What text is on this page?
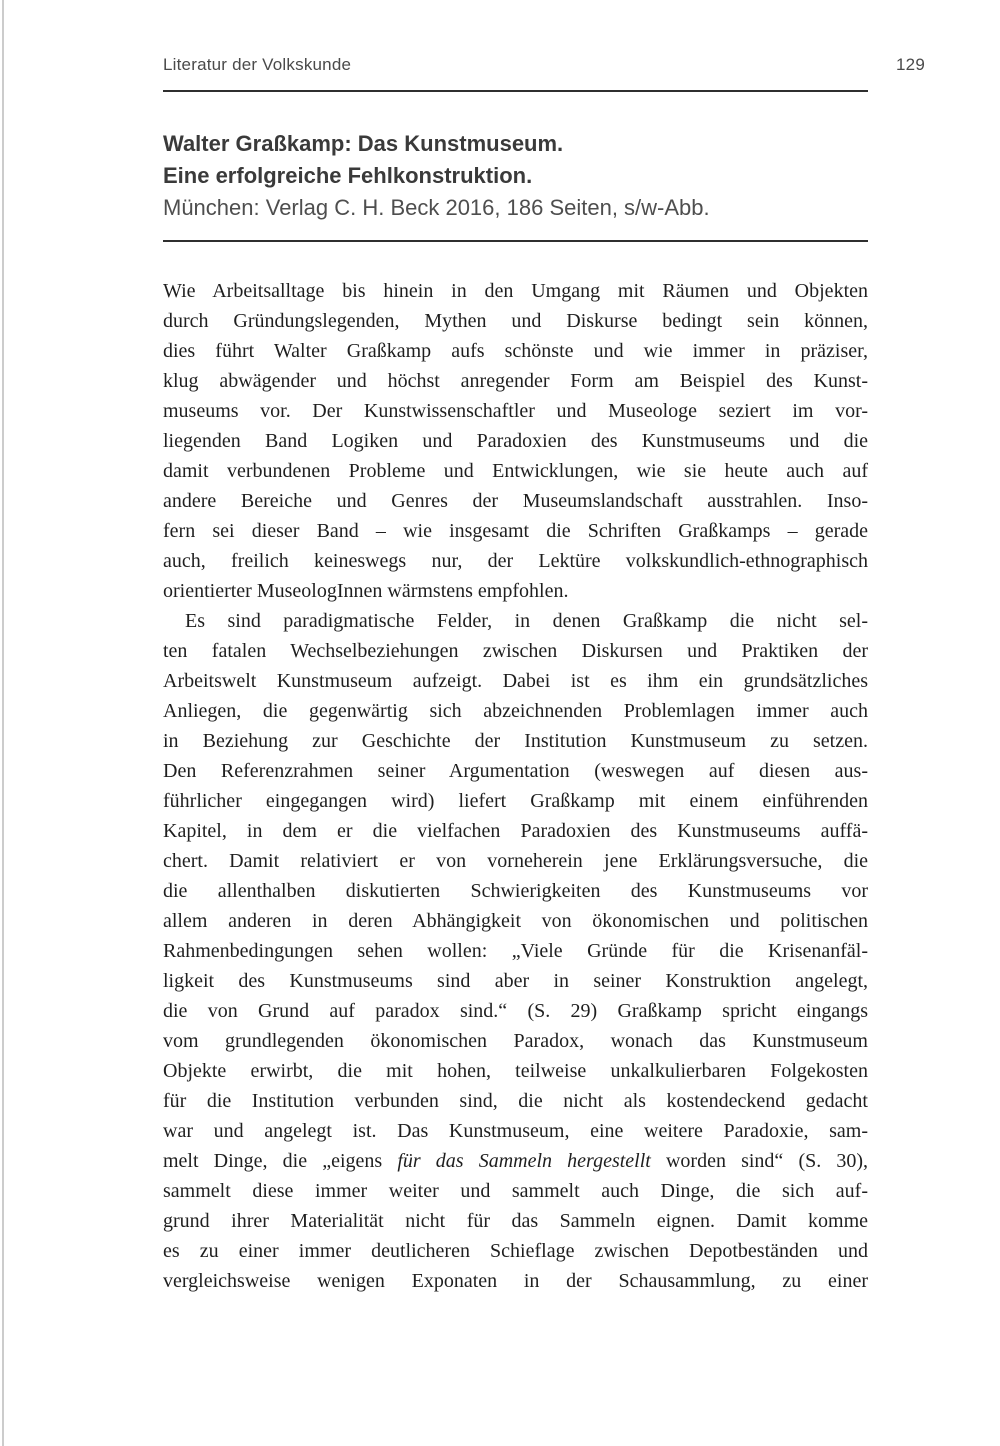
Literatur der Volkskunde	129
Walter Graßkamp: Das Kunstmuseum.
Eine erfolgreiche Fehlkonstruktion.
München: Verlag C. H. Beck 2016, 186 Seiten, s/w-Abb.
Wie Arbeitsalltage bis hinein in den Umgang mit Räumen und Objekten
durch Gründungslegenden, Mythen und Diskurse bedingt sein können,
dies führt Walter Graßkamp aufs schönste und wie immer in präziser,
klug abwägender und höchst anregender Form am Beispiel des Kunst-
museums vor. Der Kunstwissenschaftler und Museologe seziert im vor-
liegenden Band Logiken und Paradoxien des Kunstmuseums und die
damit verbundenen Probleme und Entwicklungen, wie sie heute auch auf
andere Bereiche und Genres der Museumslandschaft ausstrahlen. Inso-
fern sei dieser Band – wie insgesamt die Schriften Graßkamps – gerade
auch, freilich keineswegs nur, der Lektüre volkskundlich-ethnographisch
orientierter MuseologInnen wärmstens empfohlen.
Es sind paradigmatische Felder, in denen Graßkamp die nicht sel-
ten fatalen Wechselbeziehungen zwischen Diskursen und Praktiken der
Arbeitswelt Kunstmuseum aufzeigt. Dabei ist es ihm ein grundsätzliches
Anliegen, die gegenwärtig sich abzeichnenden Problemlagen immer auch
in Beziehung zur Geschichte der Institution Kunstmuseum zu setzen.
Den Referenzrahmen seiner Argumentation (weswegen auf diesen aus-
führlicher eingegangen wird) liefert Graßkamp mit einem einführenden
Kapitel, in dem er die vielfachen Paradoxien des Kunstmuseums auffä-
chert. Damit relativiert er von vorneherein jene Erklärungsversuche, die
die allenthalben diskutierten Schwierigkeiten des Kunstmuseums vor
allem anderen in deren Abhängigkeit von ökonomischen und politischen
Rahmenbedingungen sehen wollen: „Viele Gründe für die Krisenanfäl-
ligkeit des Kunstmuseums sind aber in seiner Konstruktion angelegt,
die von Grund auf paradox sind.“ (S. 29) Graßkamp spricht eingangs
vom grundlegenden ökonomischen Paradox, wonach das Kunstmuseum
Objekte erwirbt, die mit hohen, teilweise unkalkulierbaren Folgekosten
für die Institution verbunden sind, die nicht als kostendeckend gedacht
war und angelegt ist. Das Kunstmuseum, eine weitere Paradoxie, sam-
melt Dinge, die „eigens für das Sammeln hergestellt worden sind“ (S. 30),
sammelt diese immer weiter und sammelt auch Dinge, die sich auf-
grund ihrer Materialität nicht für das Sammeln eignen. Damit komme
es zu einer immer deutlicheren Schieflage zwischen Depotbeständen und
vergleichsweise wenigen Exponaten in der Schausammlung, zu einer
